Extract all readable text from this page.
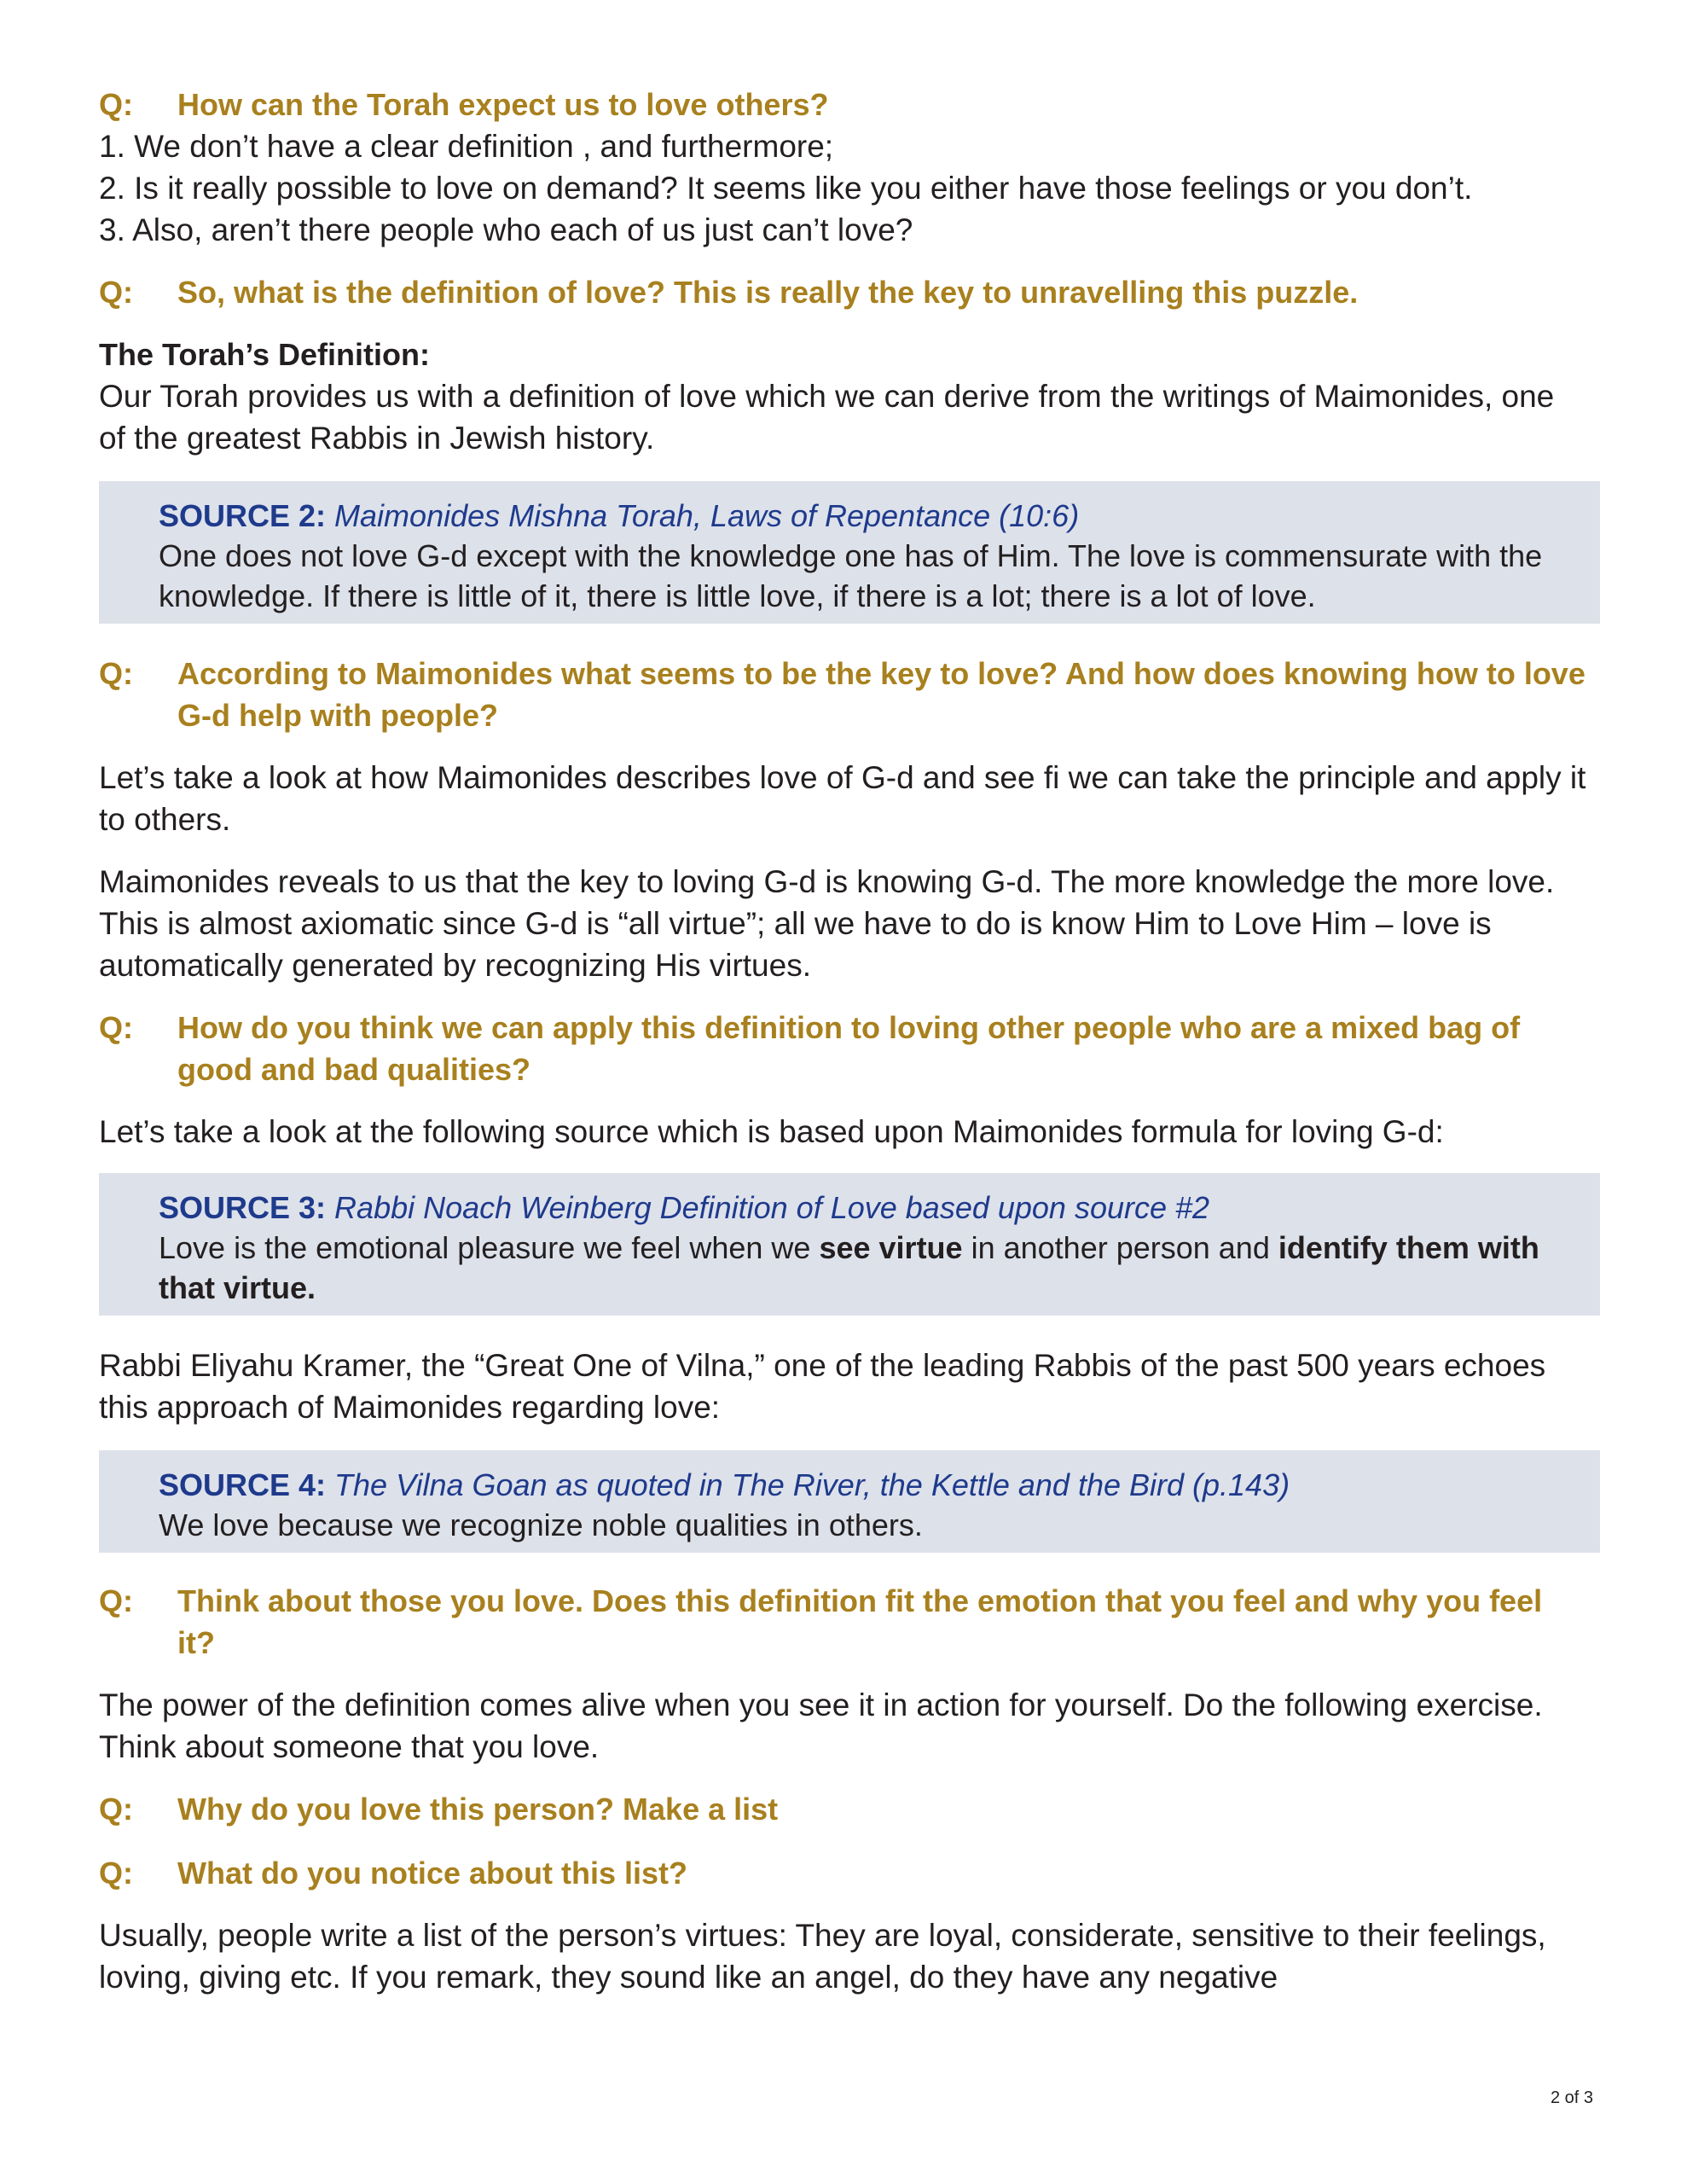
Q:	How can the Torah expect us to love others?

1. We don’t have a clear definition , and furthermore;

2. Is it really possible to love on demand? It seems like you either have those feelings or you don’t.

3. Also, aren’t there people who each of us just can’t love?

Q:	So, what is the definition of love? This is really the key to unravelling this puzzle.

The Torah’s Definition:

Our Torah provides us with a definition of love which we can derive from the writings of Maimonides, one of the greatest Rabbis in Jewish history.

SOURCE 2: Maimonides Mishna Torah, Laws of Repentance (10:6)

One does not love G-d except with the knowledge one has of Him. The love is commensurate with the knowledge. If there is little of it, there is little love, if there is a lot; there is a lot of love.

Q:	According to Maimonides what seems to be the key to love? And how does knowing how to love G-d help with people?

Let’s take a look at how Maimonides describes love of G-d and see fi we can take the principle and apply it to others.

Maimonides reveals to us that the key to loving G-d is knowing G-d. The more knowledge the more love. This is almost axiomatic since G-d is “all virtue”; all we have to do is know Him to Love Him – love is automatically generated by recognizing His virtues.

Q:	How do you think we can apply this definition to loving other people who are a mixed bag of good and bad qualities?

Let’s take a look at the following source which is based upon Maimonides formula for loving G-d:

SOURCE 3: Rabbi Noach Weinberg Definition of Love based upon source #2

Love is the emotional pleasure we feel when we see virtue in another person and identify them with that virtue.

Rabbi Eliyahu Kramer, the “Great One of Vilna,” one of the leading Rabbis of the past 500 years echoes this approach of Maimonides regarding love:

SOURCE 4: The Vilna Goan as quoted in The River, the Kettle and the Bird (p.143)

We love because we recognize noble qualities in others.

Q:	Think about those you love. Does this definition fit the emotion that you feel and why you feel it?

The power of the definition comes alive when you see it in action for yourself. Do the following exercise. Think about someone that you love.

Q:	Why do you love this person? Make a list
Q:	What do you notice about this list?

Usually, people write a list of the person’s virtues: They are loyal, considerate, sensitive to their feelings, loving, giving etc. If you remark, they sound like an angel, do they have any negative

2 of 3
